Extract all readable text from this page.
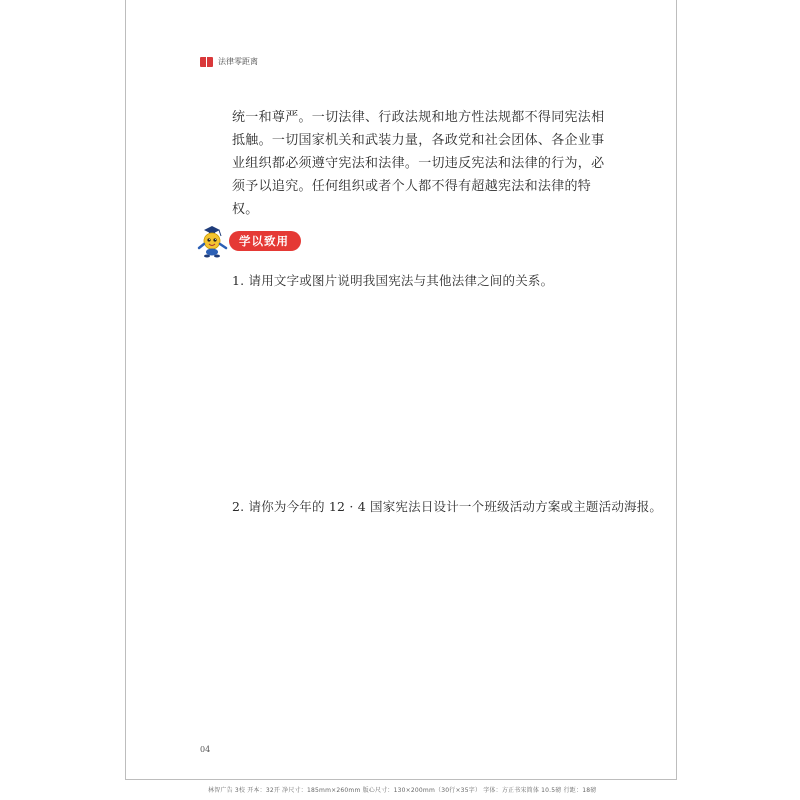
法律零距离

统一和尊严。一切法律、行政法规和地方性法规都不得同宪法相抵触。一切国家机关和武装力量，各政党和社会团体、各企业事业组织都必须遵守宪法和法律。一切违反宪法和法律的行为，必须予以追究。任何组织或者个人都不得有超越宪法和法律的特权。

学以致用
1. 请用文字或图片说明我国宪法与其他法律之间的关系。
2. 请你为今年的 12 · 4 国家宪法日设计一个班级活动方案或主题活动海报。
04
林智广告 3校 开本：32开 净尺寸：185mm×260mm 版心尺寸：130×200mm（30行×35字） 字体：方正书宋简体 10.5磅 行距：18磅
